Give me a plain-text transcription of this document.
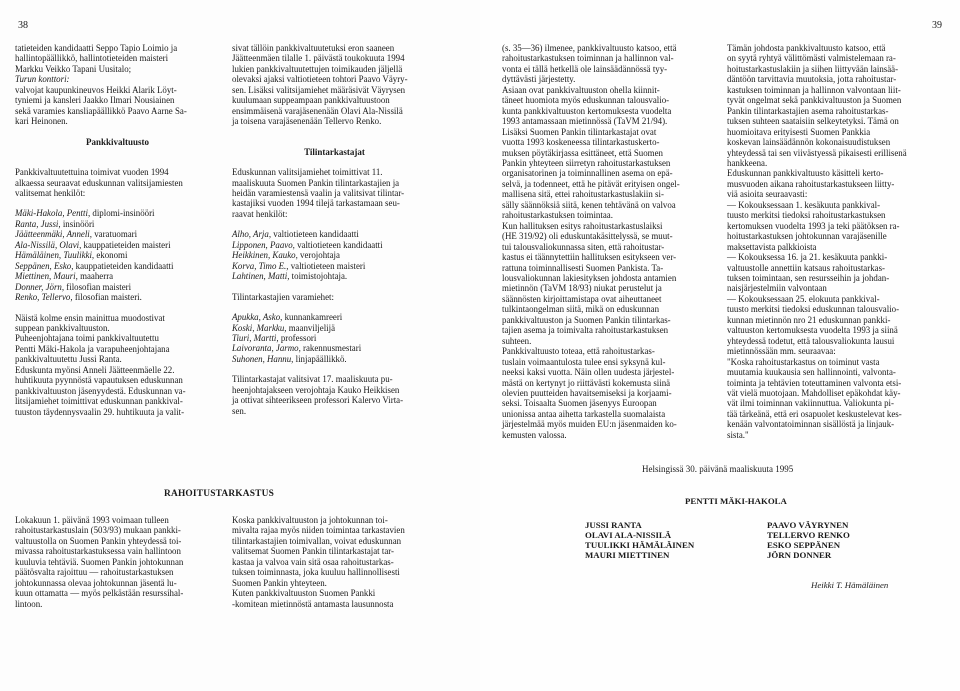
38

tatieteiden kandidaatti Seppo Tapio Loimio ja

hallintopäällikkö, hallintotieteiden maisteri

Markku Veikko Tapani Uusitalo;

Turun konttori:

valvojat kaupunkineuvos Heikki Alarik Löyt-

tyniemi ja kansleri Jaakko Ilmari Nousiainen

sekä varamies kansliapäällikkö Paavo Aarne Sa-

kari Heinonen.

Pankkivaltuusto

Pankkivaltuutettuina toimivat vuoden 1994

alkaessa seuraavat eduskunnan valitsijamiesten

valitsemat henkilöt:

Mäki-Hakola, Pentti, diplomi-insinööri

Ranta, Jussi, insinööri

Jäätteenmäki, Anneli, varatuomari

Ala-Nissilä, Olavi, kauppatieteiden maisteri

Hämäläinen, Tuulikki, ekonomi

Seppänen, Esko, kauppatieteiden kandidaatti

Miettinen, Mauri, maaherra

Donner, Jörn, filosofian maisteri

Renko, Tellervo, filosofian maisteri.

Näistä kolme ensin mainittua muodostivat

suppean pankkivaltuuston.

Puheenjohtajana toimi pankkivaltuutettu

Pentti Mäki-Hakola ja varapuheenjohtajana

pankkivaltuutettu Jussi Ranta.

Eduskunta myönsi Anneli Jäätteenmäelle 22.

huhtikuuta pyynnöstä vapautuksen eduskunnan

pankkivaltuuston jäsenyydestä. Eduskunnan va-

litsijamiehet toimittivat eduskunnan pankkival-

tuuston täydennysvaalin 29. huhtikuuta ja valit-

sivat tällöin pankkivaltuutetuksi eron saaneen

Jäätteenmäen tilalle 1. päivästä toukokuuta 1994

lukien pankkivaltuutettujen toimikauden jäljellä

olevaksi ajaksi valtiotieteen tohtori Paavo Väyry-

sen. Lisäksi valitsijamiehet määräsivät Väyrysen

kuulumaan suppeampaan pankkivaltuustoon

ensimmäisenä varajäsenenään Olavi Ala-Nissilä

ja toisena varajäsenenään Tellervo Renko.

Tilintarkastajat

Eduskunnan valitsijamiehet toimittivat 11.

maaliskuuta Suomen Pankin tilintarkastajien ja

heidän varamiestensä vaalin ja valitsivat tilintar-

kastajiksi vuoden 1994 tilejä tarkastamaan seu-

raavat henkilöt:

Alho, Arja, valtiotieteen kandidaatti

Lipponen, Paavo, valtiotieteen kandidaatti

Heikkinen, Kauko, verojohtaja

Korva, Timo E., valtiotieteen maisteri

Lahtinen, Matti, toimistojohtaja.

Tilintarkastajien varamiehet:

Apukka, Asko, kunnankamreeri

Koski, Markku, maanviljelijä

Tiuri, Martti, professori

Laivoranta, Jarmo, rakennusmestari

Suhonen, Hannu, linjapäällikkö.

Tilintarkastajat valitsivat 17. maaliskuuta pu-

heenjohtajakseen verojohtaja Kauko Heikkisen

ja ottivat sihteerikseen professori Kalervo Virta-

sen.

RAHOITUSTARKASTUS

Lokakuun 1. päivänä 1993 voimaan tulleen

rahoitustarkastuslain (503/93) mukaan pankki-

valtuustolla on Suomen Pankin yhteydessä toi-

mivassa rahoitustarkastuksessa vain hallintoon

kuuluvia tehtäviä. Suomen Pankin johtokunnan

päätösvalta rajoittuu — rahoitustarkastuksen

johtokunnassa olevaa johtokunnan jäsentä lu-

kuun ottamatta — myös pelkästään resurssihal-

lintoon.

Koska pankkivaltuuston ja johtokunnan toi-

mivalta rajaa myös niiden toimintaa tarkastavien

tilintarkastajien toimivallan, voivat eduskunnan

valitsemat Suomen Pankin tilintarkastajat tar-

kastaa ja valvoa vain sitä osaa rahoitustarkas-

tuksen toiminnasta, joka kuuluu hallinnollisesti

Suomen Pankin yhteyteen.

Kuten pankkivaltuuston Suomen Pankki

-komitean mietinnöstä antamasta lausunnosta

39

(s. 35—36) ilmenee, pankkivaltuusto katsoo, että

rahoitustarkastuksen toiminnan ja hallinnon val-

vonta ei tällä hetkellä ole lainsäädännössä tyy-

dyttävästi järjestetty.

Asiaan ovat pankkivaltuuston ohella kiinnit-

täneet huomiota myös eduskunnan talousvalio-

kunta pankkivaltuuston kertomuksesta vuodelta

1993 antamassaan mietinnössä (TaVM 21/94).

Lisäksi Suomen Pankin tilintarkastajat ovat

vuotta 1993 koskeneessa tilintarkastuskerto-

muksen pöytäkirjassa esittäneet, että Suomen

Pankin yhteyteen siirretyn rahoitustarkastuksen

organisatorinen ja toiminnallinen asema on epä-

selvä, ja todenneet, että he pitävät erityisen ongel-

mallisena sitä, ettei rahoitustarkastuslakiin si-

sälly säännöksiä siitä, kenen tehtävänä on valvoa

rahoitustarkastuksen toimintaa.

Kun hallituksen esitys rahoitustarkastuslaiksi

(HE 319/92) oli eduskuntakäsittelyssä, se muut-

tui talousvaliokunnassa siten, että rahoitustar-

kastus ei täännytettiin hallituksen esitykseen ver-

rattuna toiminnallisesti Suomen Pankista. Ta-

lousvaliokunnan lakiesityksen johdosta antamien

mietinnön (TaVM 18/93) niukat perustelut ja

säännösten kirjoittamistapa ovat aiheuttaneet

tulkintaongelman siitä, mikä on eduskunnan

pankkivaltuuston ja Suomen Pankin tilintarkas-

tajien asema ja toimivalta rahoitustarkastuksen

suhteen.

Pankkivaltuusto toteaa, että rahoitustarkas-

tuslain voimaantulosta tulee ensi syksynä kul-

neeksi kaksi vuotta. Näin ollen uudesta järjestel-

mästä on kertynyt jo riittävästi kokemusta siinä

olevien puutteiden havaitsemiseksi ja korjaami-

seksi. Toisaalta Suomen jäsenyys Euroopan

unionissa antaa aihetta tarkastella suomalaista

järjestelmää myös muiden EU:n jäsenmaiden ko-

kemusten valossa.

Tämän johdosta pankkivaltuusto katsoo, että

on syytä ryhtyä välittömästi valmistelemaan ra-

hoitustarkastuslakiin ja siihen liittyvään lainsää-

däntöön tarvittavia muutoksia, jotta rahoitustar-

kastuksen toiminnan ja hallinnon valvontaan liit-

tyvät ongelmat sekä pankkivaltuuston ja Suomen

Pankin tilintarkastajien asema rahoitustarkas-

tuksen suhteen saataisiin selkeytetyksi. Tämä on

huomioitava erityisesti Suomen Pankkia

koskevan lainsäädännön kokonaisuudistuksen

yhteydessä tai sen viivästyessä pikaisesti erillisenä

hankkeena.

Eduskunnan pankkivaltuusto käsitteli kerto-

musvuoden aikana rahoitustarkastukseen liitty-

viä asioita seuraavasti:

— Kokouksessaan 1. kesäkuuta pankkival-

tuusto merkitsi tiedoksi rahoitustarkastuksen

kertomuksen vuodelta 1993 ja teki päätöksen ra-

hoitustarkastuksen johtokunnan varajäsenille

maksettavista palkkioista

— Kokouksessa 16. ja 21. kesäkuuta pankki-

valtuustolle annettiin katsaus rahoitustarkas-

tuksen toimintaan, sen resursseihin ja johdan-

naisjärjestelmiin valvontaan

— Kokouksessaan 25. elokuuta pankkival-

tuusto merkitsi tiedoksi eduskunnan talousvalio-

kunnan mietinnön nro 21 eduskunnan pankki-

valtuuston kertomuksesta vuodelta 1993 ja siinä

yhteydessä todetut, että talousvaliokunta lausui

mietinnössään mm. seuraavaa:

"Koska rahoitustarkastus on toiminut vasta

muutamia kuukausia sen hallinnointi, valvonta-

toiminta ja tehtävien toteuttaminen valvonta etsi-

vät vielä muotojaan. Mahdolliset epäkohdat käy-

vät ilmi toiminnan vakiinnuttua. Valiokunta pi-

tää tärkeänä, että eri osapuolet keskustelevat kes-

kenään valvontatoiminnan sisällöstä ja linjauk-

sista."

Helsingissä 30. päivänä maaliskuuta 1995
PENTTI MÄKI-HAKOLA
JUSSI RANTA
OLAVI ALA-NISSILÄ
TUULIKKI HÄMÄLÄINEN
MAURI MIETTINEN
PAAVO VÄYRYNEN
TELLERVO RENKO
ESKO SEPPÄNEN
JÖRN DONNER
Heikki T. Hämäläinen
